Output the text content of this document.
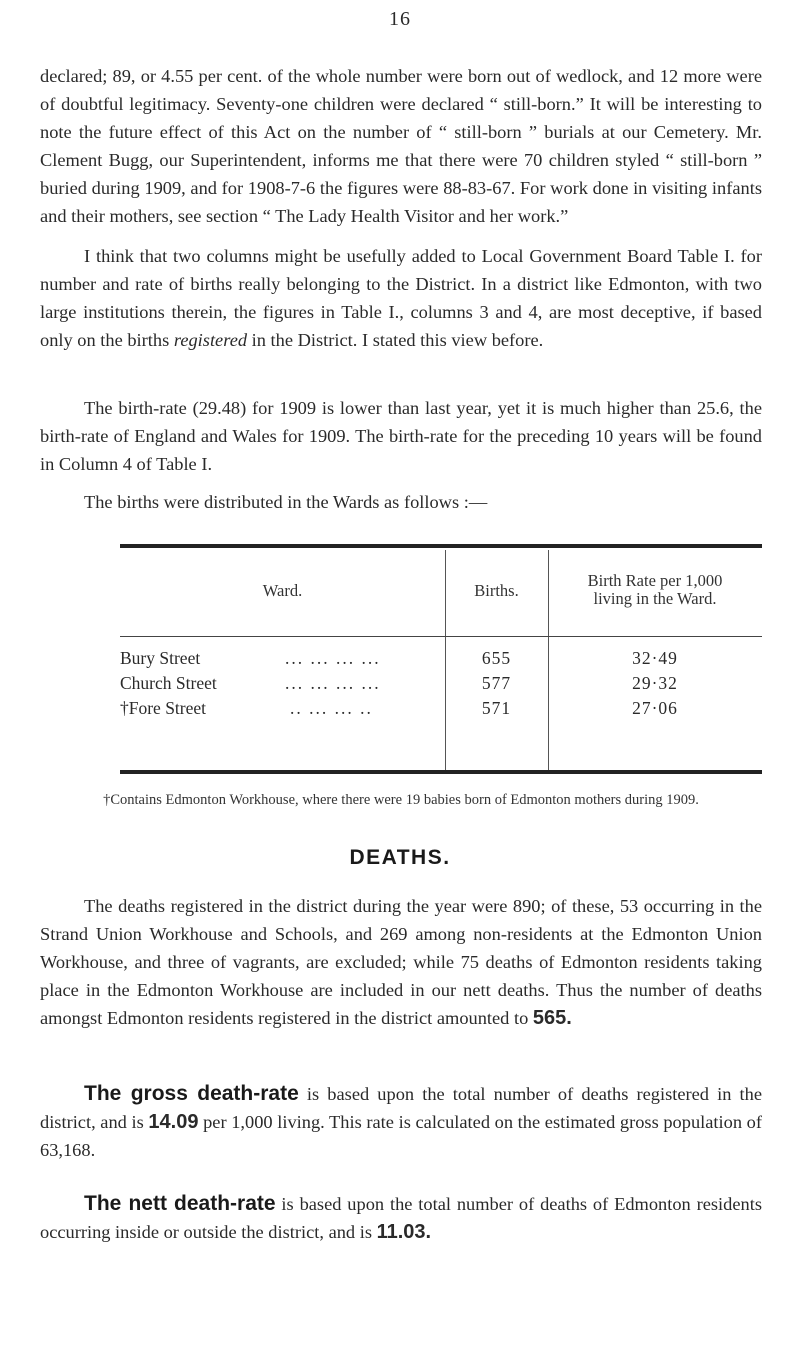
16
declared; 89, or 4.55 per cent. of the whole number were born out of wedlock, and 12 more were of doubtful legitimacy. Seventy-one children were declared “ still-born.” It will be interesting to note the future effect of this Act on the number of “ still-born ” burials at our Cemetery. Mr. Clement Bugg, our Superintendent, informs me that there were 70 children styled “ still-born ” buried during 1909, and for 1908-7-6 the figures were 88-83-67. For work done in visiting infants and their mothers, see section “ The Lady Health Visitor and her work.”
I think that two columns might be usefully added to Local Government Board Table I. for number and rate of births really belonging to the District. In a district like Edmonton, with two large institutions therein, the figures in Table I., columns 3 and 4, are most deceptive, if based only on the births registered in the District. I stated this view before.
The birth-rate (29.48) for 1909 is lower than last year, yet it is much higher than 25.6, the birth-rate of England and Wales for 1909. The birth-rate for the preceding 10 years will be found in Column 4 of Table I.
The births were distributed in the Wards as follows :—
Ward.	Births.
Birth Rate per 1,000 living in the Ward.
Bury Street	... ... ... ...	655	32·49
Church Street	... ... ... ...	577	29·32
†Fore Street	.. ... ... ..	571	27·06
†Contains Edmonton Workhouse, where there were 19 babies born of Edmonton mothers during 1909.
DEATHS.
The deaths registered in the district during the year were 890; of these, 53 occurring in the Strand Union Workhouse and Schools, and 269 among non-residents at the Edmonton Union Workhouse, and three of vagrants, are excluded; while 75 deaths of Edmonton residents taking place in the Edmonton Workhouse are included in our nett deaths. Thus the number of deaths amongst Edmonton residents registered in the district amounted to 565.
The gross death-rate is based upon the total number of deaths registered in the district, and is 14.09 per 1,000 living. This rate is calculated on the estimated gross population of 63,168.
The nett death-rate is based upon the total number of deaths of Edmonton residents occurring inside or outside the district, and is 11.03.
